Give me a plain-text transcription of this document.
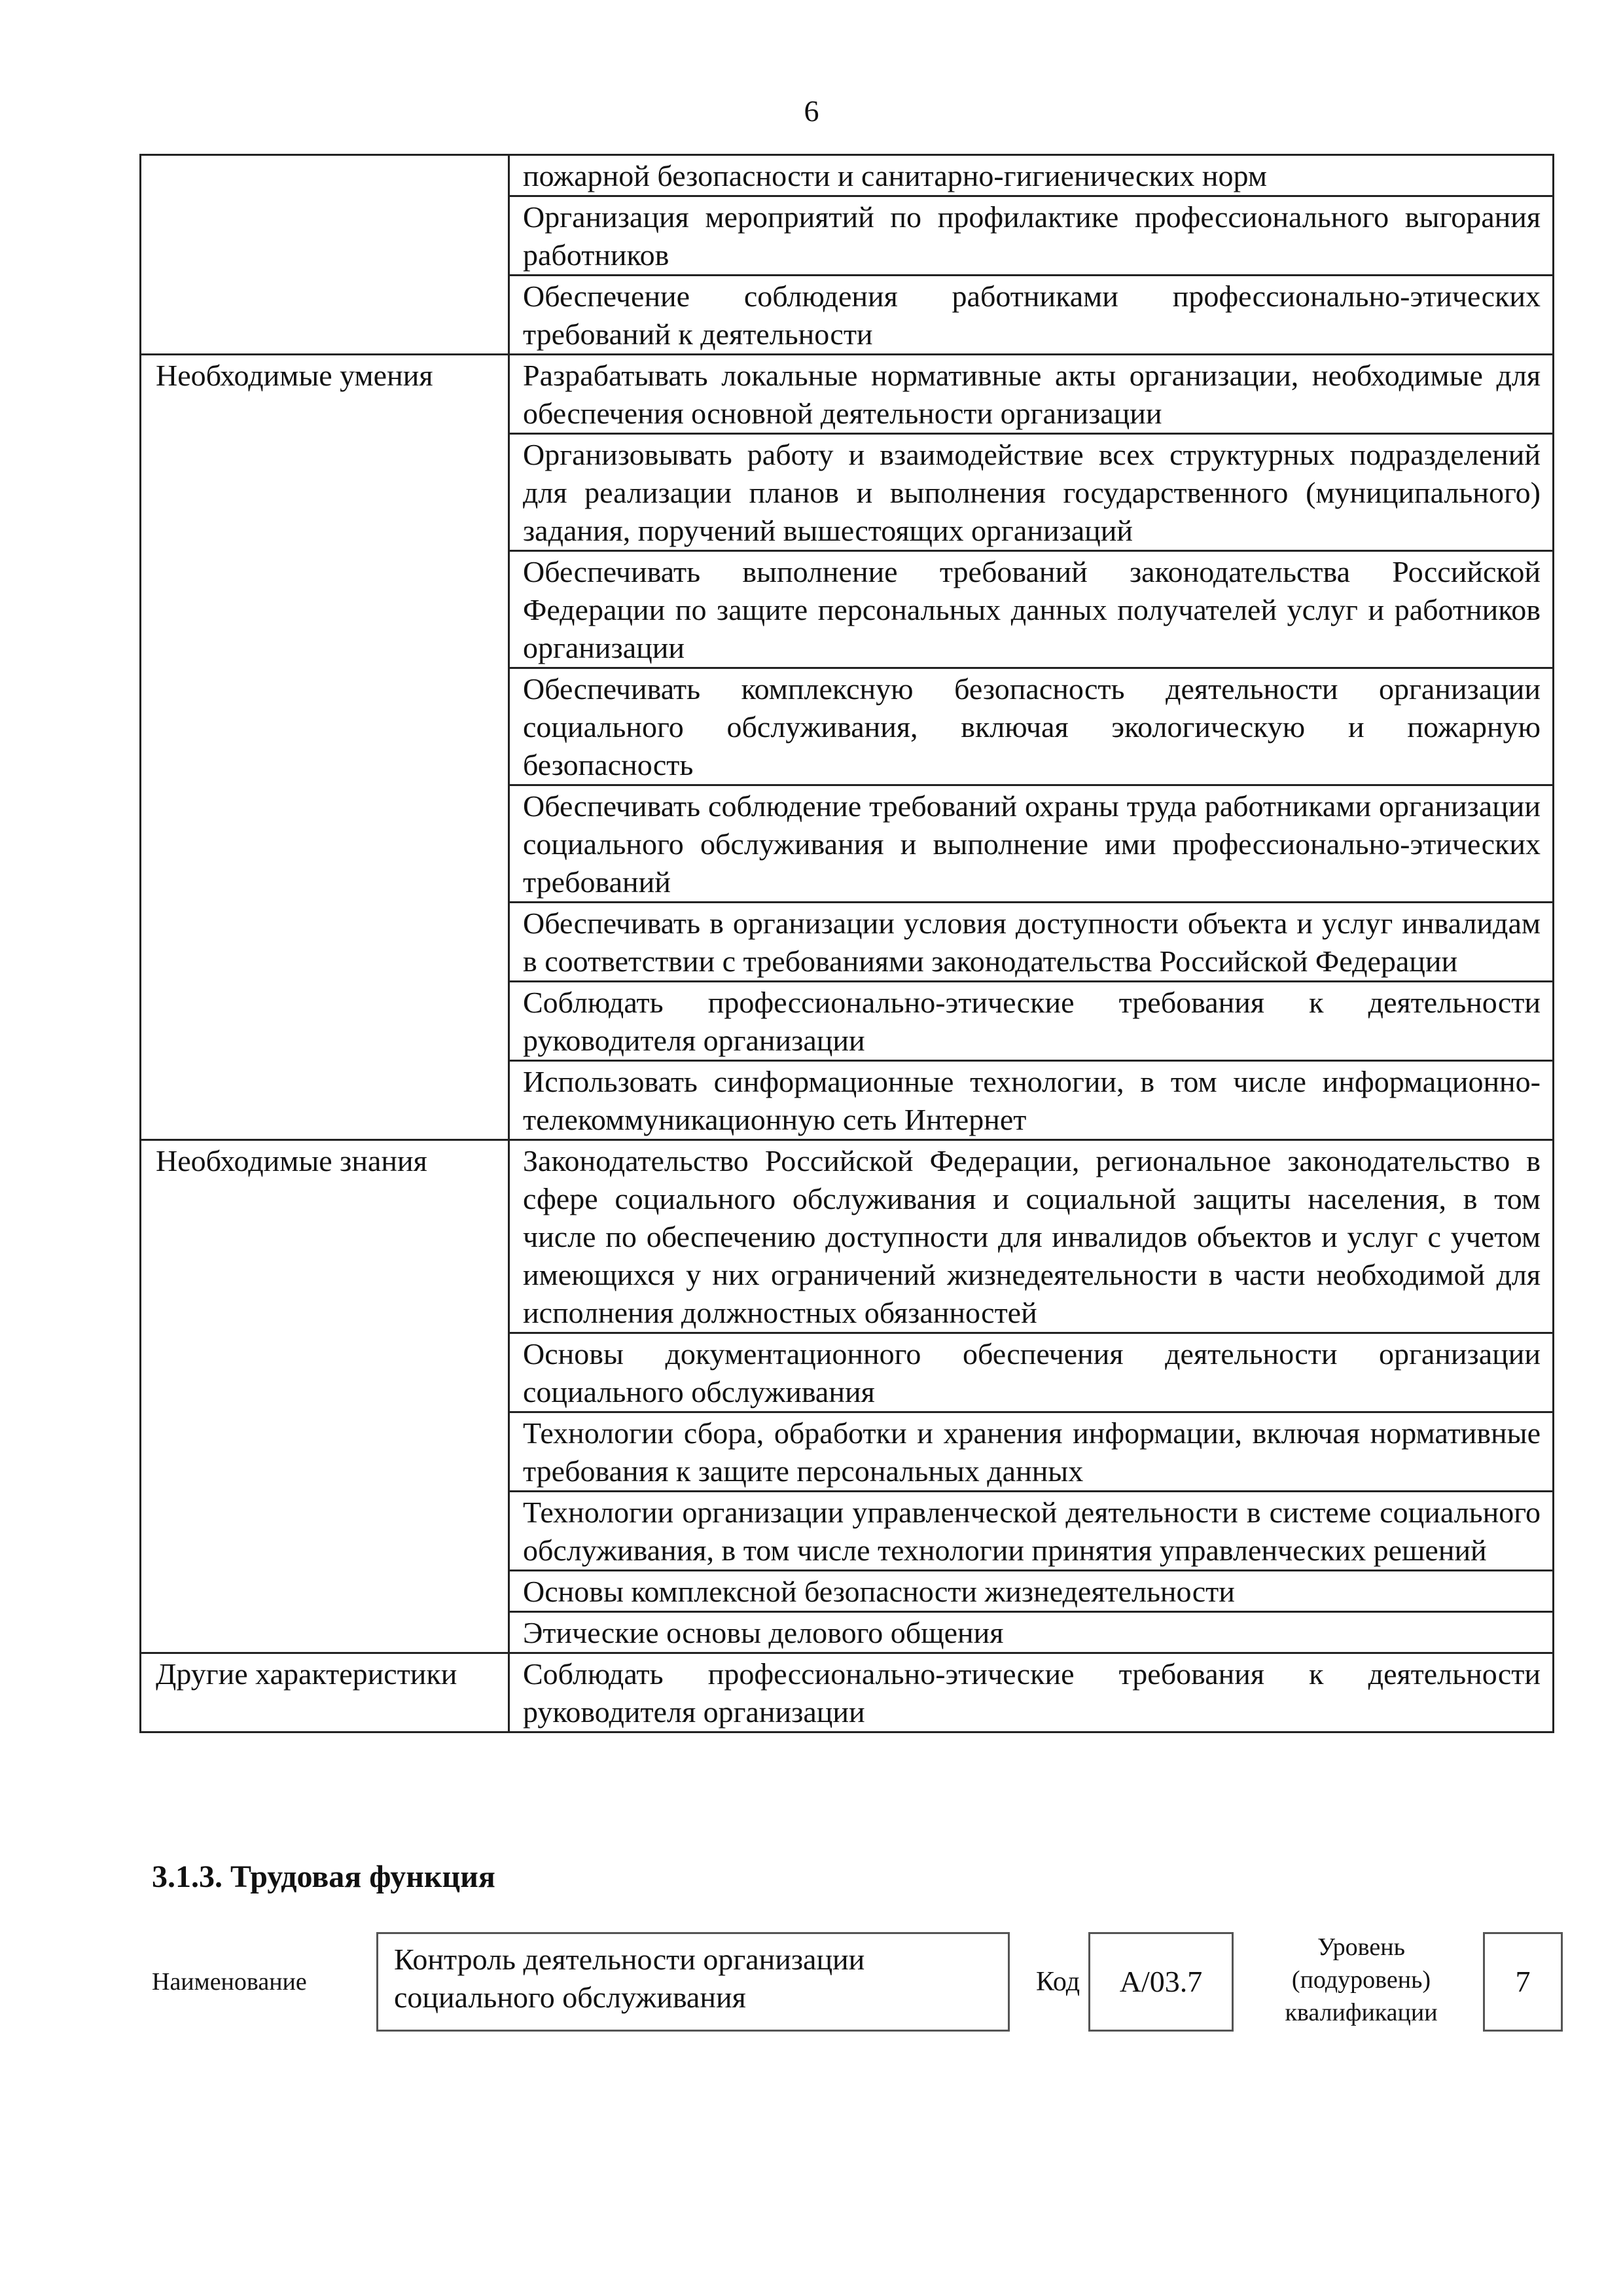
6
	пожарной безопасности и санитарно-гигиенических норм
	Организация мероприятий по профилактике профессионального выгорания работников
	Обеспечение соблюдения работниками профессионально-этических требований к деятельности
Необходимые умения	Разрабатывать локальные нормативные акты организации, необходимые для обеспечения основной деятельности организации
	Организовывать работу и взаимодействие всех структурных подразделений для реализации планов и выполнения государственного (муниципального) задания, поручений вышестоящих организаций
	Обеспечивать выполнение требований законодательства Российской Федерации по защите персональных данных получателей услуг и работников организации
	Обеспечивать комплексную безопасность деятельности организации социального обслуживания, включая экологическую и пожарную безопасность
	Обеспечивать соблюдение требований охраны труда работниками организации социального обслуживания и выполнение ими профессионально-этических требований
	Обеспечивать в организации условия доступности объекта и услуг инвалидам в соответствии с требованиями законодательства Российской Федерации
	Соблюдать профессионально-этические требования к деятельности руководителя организации
	Использовать синформационные технологии, в том числе информационно-телекоммуникационную сеть Интернет
Необходимые знания	Законодательство Российской Федерации, региональное законодательство в сфере социального обслуживания и социальной защиты населения, в том числе по обеспечению доступности для инвалидов объектов и услуг с учетом имеющихся у них ограничений жизнедеятельности в части необходимой для исполнения должностных обязанностей
	Основы документационного обеспечения деятельности организации социального обслуживания
	Технологии сбора, обработки и хранения информации, включая нормативные требования к защите персональных данных
	Технологии организации управленческой деятельности в системе социального обслуживания, в том числе технологии принятия управленческих решений
	Основы комплексной безопасности жизнедеятельности
	Этические основы делового общения
Другие характеристики	Соблюдать профессионально-этические требования к деятельности руководителя организации
3.1.3. Трудовая функция
Наименование
Контроль деятельности организации социального обслуживания	Код	А/03.7
Уровень
(подуровень)
квалификации
7
